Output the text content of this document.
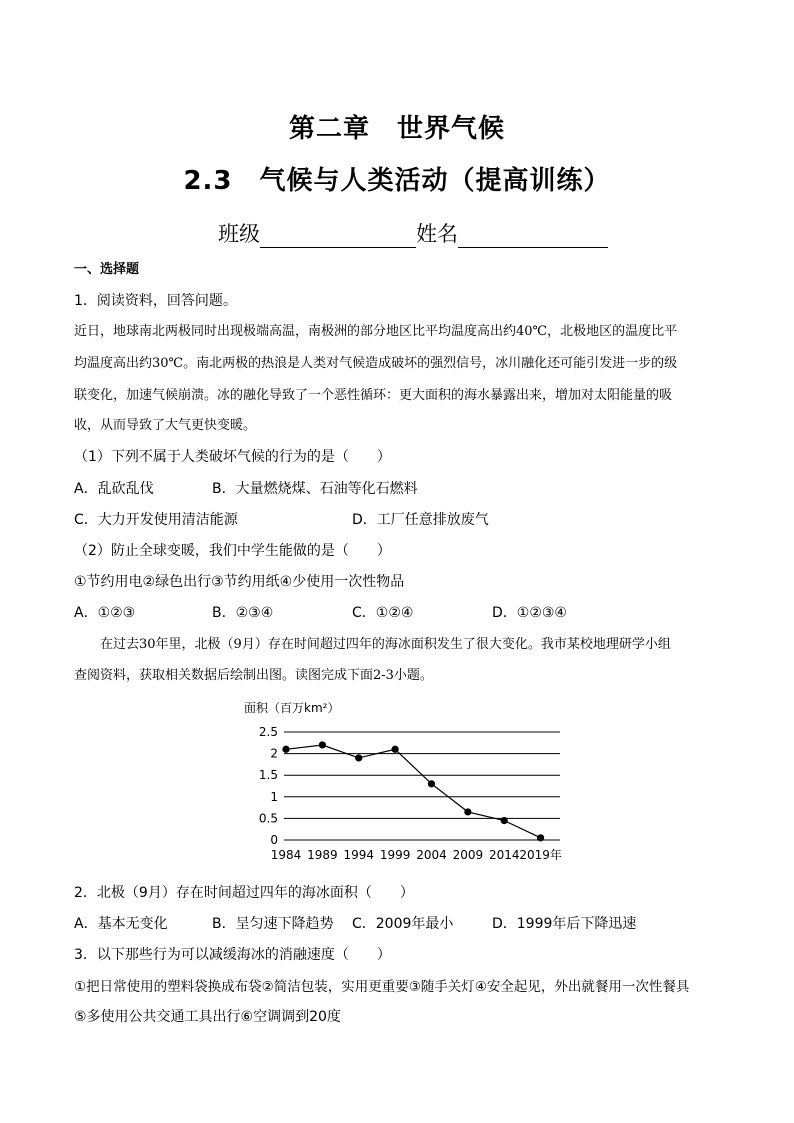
第二章　世界气候
2.3　气候与人类活动（提高训练）
班级	姓名
一、选择题
1．阅读资料，回答问题。
近日，地球南北两极同时出现极端高温，南极洲的部分地区比平均温度高出约40℃，北极地区的温度比平
均温度高出约30℃。南北两极的热浪是人类对气候造成破坏的强烈信号，冰川融化还可能引发进一步的级
联变化，加速气候崩溃。冰的融化导致了一个恶性循环：更大面积的海水暴露出来，增加对太阳能量的吸
收，从而导致了大气更快变暖。
（1）下列不属于人类破坏气候的行为的是（　　）
A．乱砍乱伐	B．大量燃烧煤、石油等化石燃料
C．大力开发使用清洁能源	D．工厂任意排放废气
（2）防止全球变暖，我们中学生能做的是（　　）
①节约用电②绿色出行③节约用纸④少使用一次性物品
A．①②③	B．②③④	C．①②④	D．①②③④
在过去30年里，北极（9月）存在时间超过四年的海冰面积发生了很大变化。我市某校地理研学小组
查阅资料，获取相关数据后绘制出图。读图完成下面2-3小题。
面积（百万km²）
0
0.5
1
1.5
2
2.5
1984 1989 1994 1999 2004 2009 2014 2019年
2．北极（9月）存在时间超过四年的海冰面积（　　）
A．基本无变化	B．呈匀速下降趋势 C．2009年最小	D．1999年后下降迅速
3．以下那些行为可以减缓海冰的消融速度（　　）
①把日常使用的塑料袋换成布袋②简洁包装，实用更重要③随手关灯④安全起见，外出就餐用一次性餐具
⑤多使用公共交通工具出行⑥空调调到20度
